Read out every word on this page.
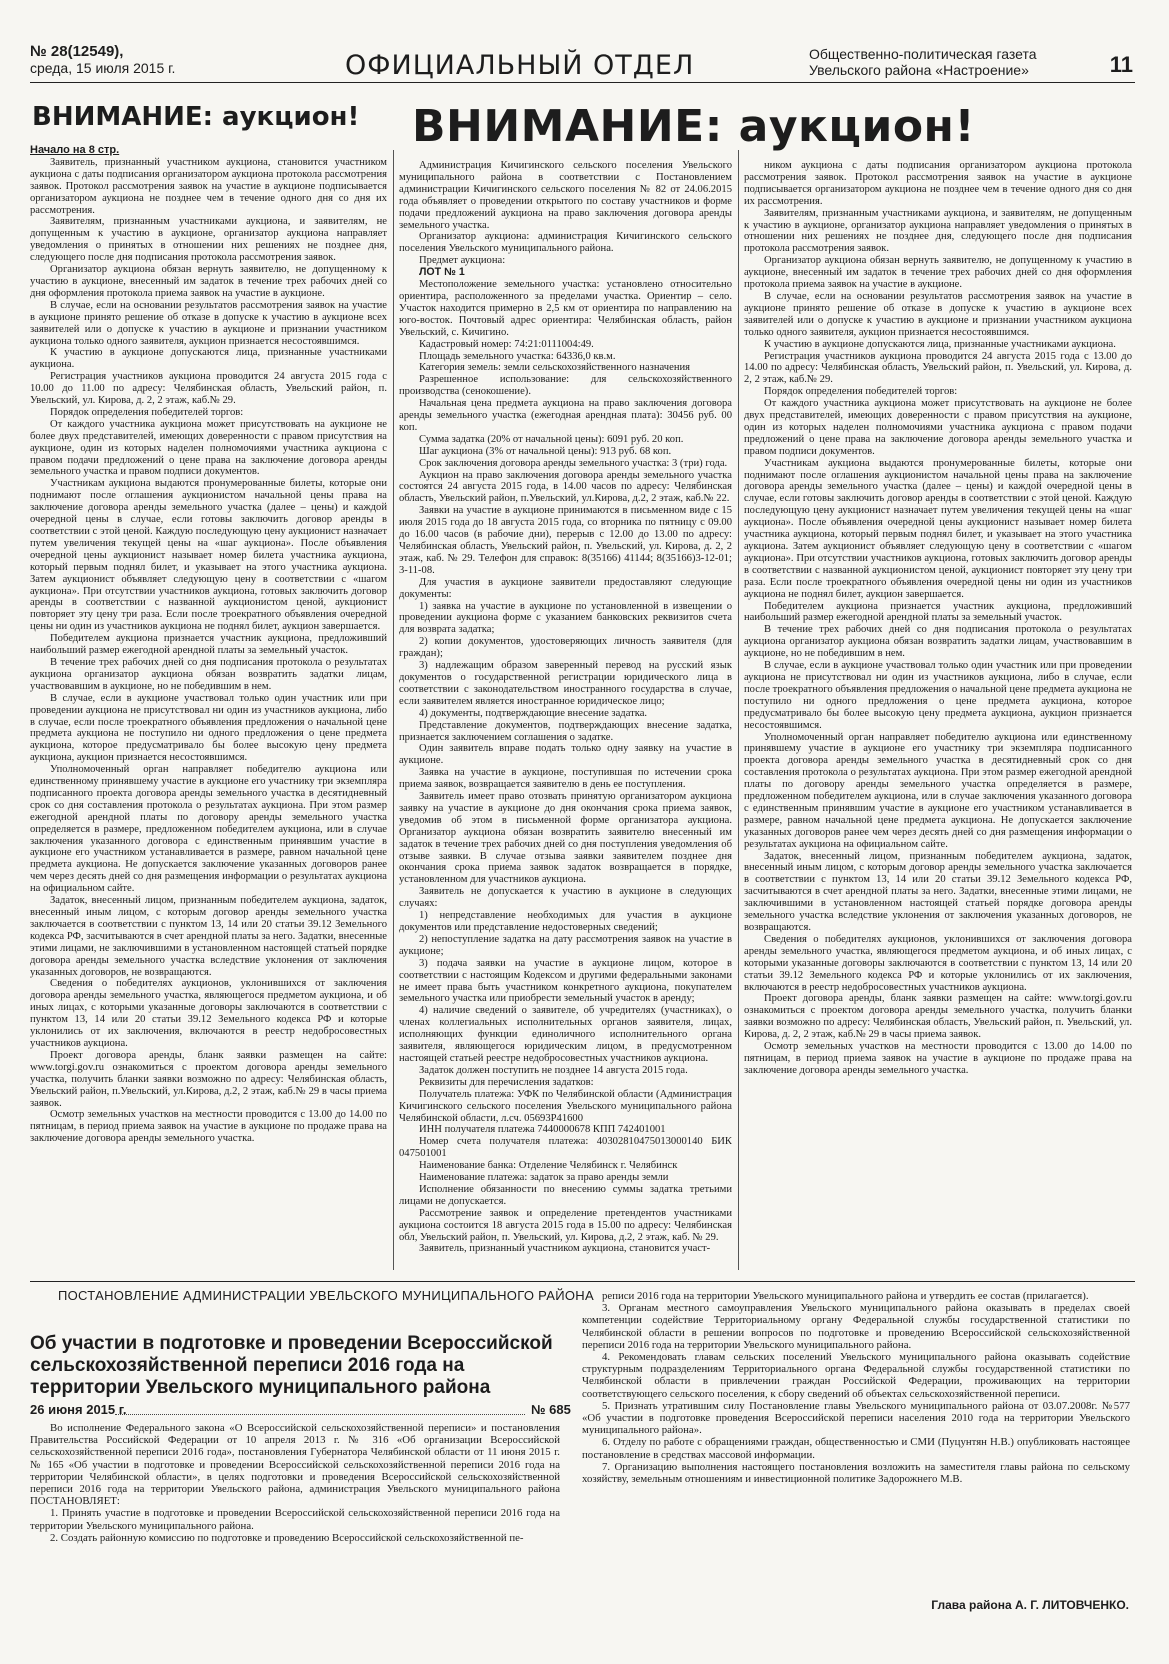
№ 28(12549),
среда, 15 июля 2015 г.	ОФИЦИАЛЬНЫЙ ОТДЕЛ	Общественно-политическая газета
Увельского района «Настроение»	11
ВНИМАНИЕ: аукцион! ВНИМАНИЕ: аукцион!

Начало на 8 стр.

Заявитель, признанный участником аукциона, становится участником аукциона с даты подписания организатором аукциона протокола рассмотрения заявок. Протокол рассмотрения заявок на участие в аукционе подписывается организатором аукциона не позднее чем в течение одного дня со дня их рассмотрения.

Заявителям, признанным участниками аукциона, и заявителям, не допущенным к участию в аукционе, организатор аукциона направляет уведомления о принятых в отношении них решениях не позднее дня, следующего после дня подписания протокола рассмотрения заявок.

Организатор аукциона обязан вернуть заявителю, не допущенному к участию в аукционе, внесенный им задаток в течение трех рабочих дней со дня оформления протокола приема заявок на участие в аукционе.

В случае, если на основании результатов рассмотрения заявок на участие в аукционе принято решение об отказе в допуске к участию в аукционе всех заявителей или о допуске к участию в аукционе и признании участником аукциона только одного заявителя, аукцион признается несостоявшимся.

К участию в аукционе допускаются лица, признанные участниками аукциона.

Регистрация участников аукциона проводится 24 августа 2015 года с 10.00 до 11.00 по адресу: Челябинская область, Увельский район, п. Увельский, ул. Кирова, д. 2, 2 этаж, каб.№ 29.

Порядок определения победителей торгов:

От каждого участника аукциона может присутствовать на аукционе не более двух представителей, имеющих доверенности с правом присутствия на аукционе, один из которых наделен полномочиями участника аукциона с правом подачи предложений о цене права на заключение договора аренды земельного участка и правом подписи документов.

Участникам аукциона выдаются пронумерованные билеты, которые они поднимают после оглашения аукционистом начальной цены права на заключение договора аренды земельного участка (далее – цены) и каждой очередной цены в случае, если готовы заключить договор аренды в соответствии с этой ценой. Каждую последующую цену аукционист назначает путем увеличения текущей цены на «шаг аукциона». После объявления очередной цены аукционист называет номер билета участника аукциона, который первым поднял билет, и указывает на этого участника аукциона. Затем аукционист объявляет следующую цену в соответствии с «шагом аукциона». При отсутствии участников аукциона, готовых заключить договор аренды в соответствии с названной аукционистом ценой, аукционист повторяет эту цену три раза. Если после троекратного объявления очередной цены ни один из участников аукциона не поднял билет, аукцион завершается.

Победителем аукциона признается участник аукциона, предложивший наибольший размер ежегодной арендной платы за земельный участок.

В течение трех рабочих дней со дня подписания протокола о результатах аукциона организатор аукциона обязан возвратить задатки лицам, участвовавшим в аукционе, но не победившим в нем.

В случае, если в аукционе участвовал только один участник или при проведении аукциона не присутствовал ни один из участников аукциона, либо в случае, если после троекратного объявления предложения о начальной цене предмета аукциона не поступило ни одного предложения о цене предмета аукциона, которое предусматривало бы более высокую цену предмета аукциона, аукцион признается несостоявшимся.

Уполномоченный орган направляет победителю аукциона или единственному принявшему участие в аукционе его участнику три экземпляра подписанного проекта договора аренды земельного участка в десятидневный срок со дня составления протокола о результатах аукциона. При этом размер ежегодной арендной платы по договору аренды земельного участка определяется в размере, предложенном победителем аукциона, или в случае заключения указанного договора с единственным принявшим участие в аукционе его участником устанавливается в размере, равном начальной цене предмета аукциона. Не допускается заключение указанных договоров ранее чем через десять дней со дня размещения информации о результатах аукциона на официальном сайте.

Задаток, внесенный лицом, признанным победителем аукциона, задаток, внесенный иным лицом, с которым договор аренды земельного участка заключается в соответствии с пунктом 13, 14 или 20 статьи 39.12 Земельного кодекса РФ, засчитываются в счет арендной платы за него. Задатки, внесенные этими лицами, не заключившими в установленном настоящей статьей порядке договора аренды земельного участка вследствие уклонения от заключения указанных договоров, не возвращаются.

Сведения о победителях аукционов, уклонившихся от заключения договора аренды земельного участка, являющегося предметом аукциона, и об иных лицах, с которыми указанные договоры заключаются в соответствии с пунктом 13, 14 или 20 статьи 39.12 Земельного кодекса РФ и которые уклонились от их заключения, включаются в реестр недобросовестных участников аукциона.

Проект договора аренды, бланк заявки размещен на сайте: www.torgi.gov.ru ознакомиться с проектом договора аренды земельного участка, получить бланки заявки возможно по адресу: Челябинская область, Увельский район, п.Увельский, ул.Кирова, д.2, 2 этаж, каб.№ 29 в часы приема заявок.

Осмотр земельных участков на местности проводится с 13.00 до 14.00 по пятницам, в период приема заявок на участие в аукционе по продаже права на заключение договора аренды земельного участка.

Администрация Кичигинского сельского поселения Увельского муниципального района в соответствии с Постановлением администрации Кичигинского сельского поселения № 82 от 24.06.2015 года объявляет о проведении открытого по составу участников и форме подачи предложений аукциона на право заключения договора аренды земельного участка.

Организатор аукциона: администрация Кичигинского сельского поселения Увельского муниципального района.

Предмет аукциона:

ЛОТ № 1

Местоположение земельного участка: установлено относительно ориентира, расположенного за пределами участка. Ориентир – село. Участок находится примерно в 2,5 км от ориентира по направлению на юго-восток. Почтовый адрес ориентира: Челябинская область, район Увельский, с. Кичигино.

Кадастровый номер: 74:21:0111004:49.

Площадь земельного участка: 64336,0 кв.м.

Категория земель: земли сельскохозяйственного назначения

Разрешенное использование: для сельскохозяйственного производства (сенокошение).

Начальная цена предмета аукциона на право заключения договора аренды земельного участка (ежегодная арендная плата): 30456 руб. 00 коп.

Сумма задатка (20% от начальной цены): 6091 руб. 20 коп.

Шаг аукциона (3% от начальной цены): 913 руб. 68 коп.

Срок заключения договора аренды земельного участка: 3 (три) года.

Аукцион на право заключения договора аренды земельного участка состоятся 24 августа 2015 года, в 14.00 часов по адресу: Челябинская область, Увельский район, п.Увельский, ул.Кирова, д.2, 2 этаж, каб.№ 22.

Заявки на участие в аукционе принимаются в письменном виде с 15 июля 2015 года до 18 августа 2015 года, со вторника по пятницу с 09.00 до 16.00 часов (в рабочие дни), перерыв с 12.00 до 13.00 по адресу: Челябинская область, Увельский район, п. Увельский, ул. Кирова, д. 2, 2 этаж, каб. № 29. Телефон для справок: 8(35166) 41144; 8(35166)3-12-01; 3-11-08.

Для участия в аукционе заявители предоставляют следующие документы:

1) заявка на участие в аукционе по установленной в извещении о проведении аукциона форме с указанием банковских реквизитов счета для возврата задатка;

2) копии документов, удостоверяющих личность заявителя (для граждан);

3) надлежащим образом заверенный перевод на русский язык документов о государственной регистрации юридического лица в соответствии с законодательством иностранного государства в случае, если заявителем является иностранное юридическое лицо;

4) документы, подтверждающие внесение задатка.

Представление документов, подтверждающих внесение задатка, признается заключением соглашения о задатке.

Один заявитель вправе подать только одну заявку на участие в аукционе.

Заявка на участие в аукционе, поступившая по истечении срока приема заявок, возвращается заявителю в день ее поступления.

Заявитель имеет право отозвать принятую организатором аукциона заявку на участие в аукционе до дня окончания срока приема заявок, уведомив об этом в письменной форме организатора аукциона. Организатор аукциона обязан возвратить заявителю внесенный им задаток в течение трех рабочих дней со дня поступления уведомления об отзыве заявки. В случае отзыва заявки заявителем позднее дня окончания срока приема заявок задаток возвращается в порядке, установленном для участников аукциона.

Заявитель не допускается к участию в аукционе в следующих случаях:

1) непредставление необходимых для участия в аукционе документов или представление недостоверных сведений;

2) непоступление задатка на дату рассмотрения заявок на участие в аукционе;

3) подача заявки на участие в аукционе лицом, которое в соответствии с настоящим Кодексом и другими федеральными законами не имеет права быть участником конкретного аукциона, покупателем земельного участка или приобрести земельный участок в аренду;

4) наличие сведений о заявителе, об учредителях (участниках), о членах коллегиальных исполнительных органов заявителя, лицах, исполняющих функции единоличного исполнительного органа заявителя, являющегося юридическим лицом, в предусмотренном настоящей статьей реестре недобросовестных участников аукциона.

Задаток должен поступить не позднее 14 августа 2015 года.

Реквизиты для перечисления задатков:

Получатель платежа: УФК по Челябинской области (Администрация Кичигинского сельского поселения Увельского муниципального района Челябинской области, л.сч. 05693Р41600

ИНН получателя платежа 7440000678 КПП 742401001

Номер счета получателя платежа: 40302810475013000140 БИК 047501001

Наименование банка: Отделение Челябинск г. Челябинск

Наименование платежа: задаток за право аренды земли

Исполнение обязанности по внесению суммы задатка третьими лицами не допускается.

Рассмотрение заявок и определение претендентов участниками аукциона состоится 18 августа 2015 года в 15.00 по адресу: Челябинская обл, Увельский район, п. Увельский, ул. Кирова, д.2, 2 этаж, каб. № 29.

Заявитель, признанный участником аукциона, становится участ-

ником аукциона с даты подписания организатором аукциона протокола рассмотрения заявок. Протокол рассмотрения заявок на участие в аукционе подписывается организатором аукциона не позднее чем в течение одного дня со дня их рассмотрения.

Заявителям, признанным участниками аукциона, и заявителям, не допущенным к участию в аукционе, организатор аукциона направляет уведомления о принятых в отношении них решениях не позднее дня, следующего после дня подписания протокола рассмотрения заявок.

Организатор аукциона обязан вернуть заявителю, не допущенному к участию в аукционе, внесенный им задаток в течение трех рабочих дней со дня оформления протокола приема заявок на участие в аукционе.

В случае, если на основании результатов рассмотрения заявок на участие в аукционе принято решение об отказе в допуске к участию в аукционе всех заявителей или о допуске к участию в аукционе и признании участником аукциона только одного заявителя, аукцион признается несостоявшимся.

К участию в аукционе допускаются лица, признанные участниками аукциона.

Регистрация участников аукциона проводится 24 августа 2015 года с 13.00 до 14.00 по адресу: Челябинская область, Увельский район, п. Увельский, ул. Кирова, д. 2, 2 этаж, каб.№ 29.

Порядок определения победителей торгов:

От каждого участника аукциона может присутствовать на аукционе не более двух представителей, имеющих доверенности с правом присутствия на аукционе, один из которых наделен полномочиями участника аукциона с правом подачи предложений о цене права на заключение договора аренды земельного участка и правом подписи документов.

Участникам аукциона выдаются пронумерованные билеты, которые они поднимают после оглашения аукционистом начальной цены права на заключение договора аренды земельного участка (далее – цены) и каждой очередной цены в случае, если готовы заключить договор аренды в соответствии с этой ценой. Каждую последующую цену аукционист назначает путем увеличения текущей цены на «шаг аукциона». После объявления очередной цены аукционист называет номер билета участника аукциона, который первым поднял билет, и указывает на этого участника аукциона. Затем аукционист объявляет следующую цену в соответствии с «шагом аукциона». При отсутствии участников аукциона, готовых заключить договор аренды в соответствии с названной аукционистом ценой, аукционист повторяет эту цену три раза. Если после троекратного объявления очередной цены ни один из участников аукциона не поднял билет, аукцион завершается.

Победителем аукциона признается участник аукциона, предложивший наибольший размер ежегодной арендной платы за земельный участок.

В течение трех рабочих дней со дня подписания протокола о результатах аукциона организатор аукциона обязан возвратить задатки лицам, участвовавшим в аукционе, но не победившим в нем.

В случае, если в аукционе участвовал только один участник или при проведении аукциона не присутствовал ни один из участников аукциона, либо в случае, если после троекратного объявления предложения о начальной цене предмета аукциона не поступило ни одного предложения о цене предмета аукциона, которое предусматривало бы более высокую цену предмета аукциона, аукцион признается несостоявшимся.

Уполномоченный орган направляет победителю аукциона или единственному принявшему участие в аукционе его участнику три экземпляра подписанного проекта договора аренды земельного участка в десятидневный срок со дня составления протокола о результатах аукциона. При этом размер ежегодной арендной платы по договору аренды земельного участка определяется в размере, предложенном победителем аукциона, или в случае заключения указанного договора с единственным принявшим участие в аукционе его участником устанавливается в размере, равном начальной цене предмета аукциона. Не допускается заключение указанных договоров ранее чем через десять дней со дня размещения информации о результатах аукциона на официальном сайте.

Задаток, внесенный лицом, признанным победителем аукциона, задаток, внесенный иным лицом, с которым договор аренды земельного участка заключается в соответствии с пунктом 13, 14 или 20 статьи 39.12 Земельного кодекса РФ, засчитываются в счет арендной платы за него. Задатки, внесенные этими лицами, не заключившими в установленном настоящей статьей порядке договора аренды земельного участка вследствие уклонения от заключения указанных договоров, не возвращаются.

Сведения о победителях аукционов, уклонившихся от заключения договора аренды земельного участка, являющегося предметом аукциона, и об иных лицах, с которыми указанные договоры заключаются в соответствии с пунктом 13, 14 или 20 статьи 39.12 Земельного кодекса РФ и которые уклонились от их заключения, включаются в реестр недобросовестных участников аукциона.

Проект договора аренды, бланк заявки размещен на сайте: www.torgi.gov.ru ознакомиться с проектом договора аренды земельного участка, получить бланки заявки возможно по адресу: Челябинская область, Увельский район, п. Увельский, ул. Кирова, д. 2, 2 этаж, каб.№ 29 в часы приема заявок.

Осмотр земельных участков на местности проводится с 13.00 до 14.00 по пятницам, в период приема заявок на участие в аукционе по продаже права на заключение договора аренды земельного участка.

ПОСТАНОВЛЕНИЕ АДМИНИСТРАЦИИ УВЕЛЬСКОГО МУНИЦИПАЛЬНОГО РАЙОНА
Об участии в подготовке и проведении Всероссийской сельскохозяйственной переписи 2016 года на территории Увельского муниципального района
26 июня 2015 г.	№ 685

Во исполнение Федерального закона «О Всероссийской сельскохозяйственной переписи» и постановления Правительства Российской Федерации от 10 апреля 2013 г. № 316 «Об организации Всероссийской сельскохозяйственной переписи 2016 года», постановления Губернатора Челябинской области от 11 июня 2015 г. № 165 «Об участии в подготовке и проведении Всероссийской сельскохозяйственной переписи 2016 года на территории Челябинской области», в целях подготовки и проведения Всероссийской сельскохозяйственной переписи 2016 года на территории Увельского района, администрация Увельского муниципального района ПОСТАНОВЛЯЕТ:

1. Принять участие в подготовке и проведении Всероссийской сельскохозяйственной переписи 2016 года на территории Увельского муниципального района.

2. Создать районную комиссию по подготовке и проведению Всероссийской сельскохозяйственной пе-

реписи 2016 года на территории Увельского муниципального района и утвердить ее состав (прилагается).

3. Органам местного самоуправления Увельского муниципального района оказывать в пределах своей компетенции содействие Территориальному органу Федеральной службы государственной статистики по Челябинской области в решении вопросов по подготовке и проведению Всероссийской сельскохозяйственной переписи 2016 года на территории Увельского муниципального района.

4. Рекомендовать главам сельских поселений Увельского муниципального района оказывать содействие структурным подразделениям Территориального органа Федеральной службы государственной статистики по Челябинской области в привлечении граждан Российской Федерации, проживающих на территории соответствующего сельского поселения, к сбору сведений об объектах сельскохозяйственной переписи.

5. Признать утратившим силу Постановление главы Увельского муниципального района от 03.07.2008г. №577 «Об участии в подготовке проведения Всероссийской переписи населения 2010 года на территории Увельского муниципального района».

6. Отделу по работе с обращениями граждан, общественностью и СМИ (Пуцунтян Н.В.) опубликовать настоящее постановление в средствах массовой информации.

7. Организацию выполнения настоящего постановления возложить на заместителя главы района по сельскому хозяйству, земельным отношениям и инвестиционной политике Задорожнего М.В.

Глава района А. Г. ЛИТОВЧЕНКО.
